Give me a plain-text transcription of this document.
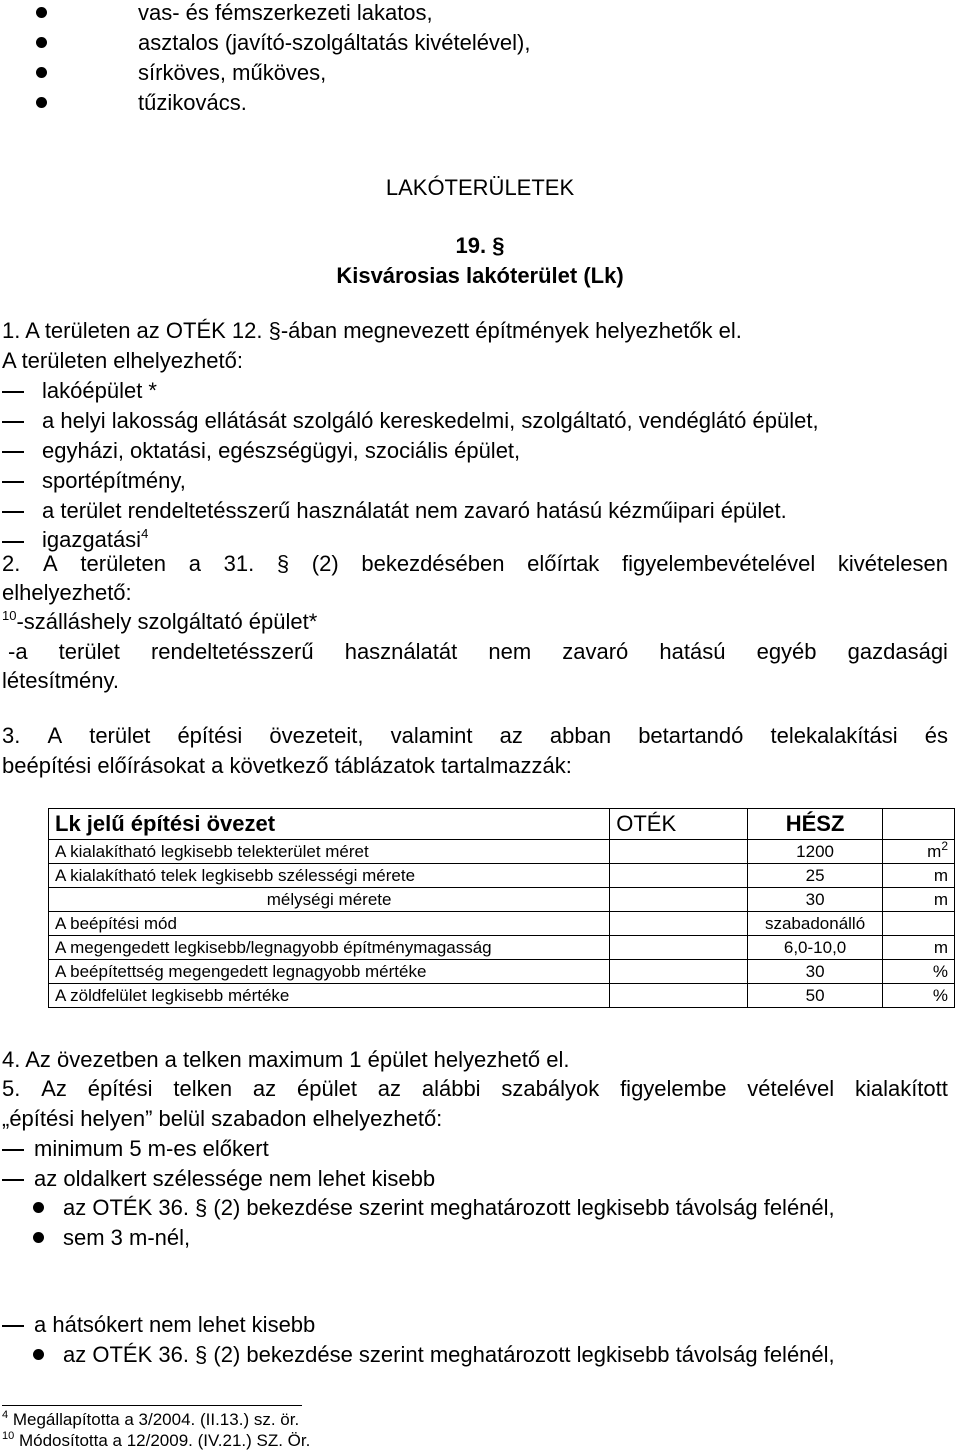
vas- és fémszerkezeti lakatos,
asztalos (javító-szolgáltatás kivételével),
sírköves, műköves,
tűzikovács.
LAKÓTERÜLETEK
19. §
Kisvárosias lakóterület (Lk)
1. A területen az OTÉK 12. §-ában megnevezett építmények helyezhetők el.
A területen elhelyezhető:
lakóépület *
a helyi lakosság ellátását szolgáló kereskedelmi, szolgáltató, vendéglátó épület,
egyházi, oktatási, egészségügyi, szociális épület,
sportépítmény,
a terület rendeltetésszerű használatát nem zavaró hatású kézműipari épület.
igazgatási$^4$
2. A területen a 31. § (2) bekezdésében előírtak figyelembevételével kivételesen
elhelyezhető:
$^{10}$-szálláshely szolgáltató épület*
-a terület rendeltetésszerű használatát nem zavaró hatású egyéb gazdasági
létesítmény.
3. A terület építési övezeteit, valamint az abban betartandó telekalakítási és
beépítési előírásokat a következő táblázatok tartalmazzák:
Lk jelű építési övezet	OTÉK	HÉSZ	
A kialakítható legkisebb telekterület méret		1200	$m^2$
A kialakítható telek legkisebb szélességi mérete		25	m
mélységi mérete		30	m
A beépítési mód		szabadonálló	
A megengedett legkisebb/legnagyobb építménymagasság		6,0-10,0	m
A beépítettség megengedett legnagyobb mértéke		30	%
A zöldfelület legkisebb mértéke		50	%
4. Az övezetben a telken maximum 1 épület helyezhető el.
5. Az építési telken az épület az alábbi szabályok figyelembe vételével kialakított
„építési helyen” belül szabadon elhelyezhető:
minimum 5 m-es előkert
az oldalkert szélessége nem lehet kisebb
az OTÉK 36. § (2) bekezdése szerint meghatározott legkisebb távolság felénél,
sem 3 m-nél,
a hátsókert nem lehet kisebb
az OTÉK 36. § (2) bekezdése szerint meghatározott legkisebb távolság felénél,
$^4$ Megállapította a 3/2004. (II.13.) sz. ör.
$^{10}$ Módosította a 12/2009. (IV.21.) SZ. Ör.
